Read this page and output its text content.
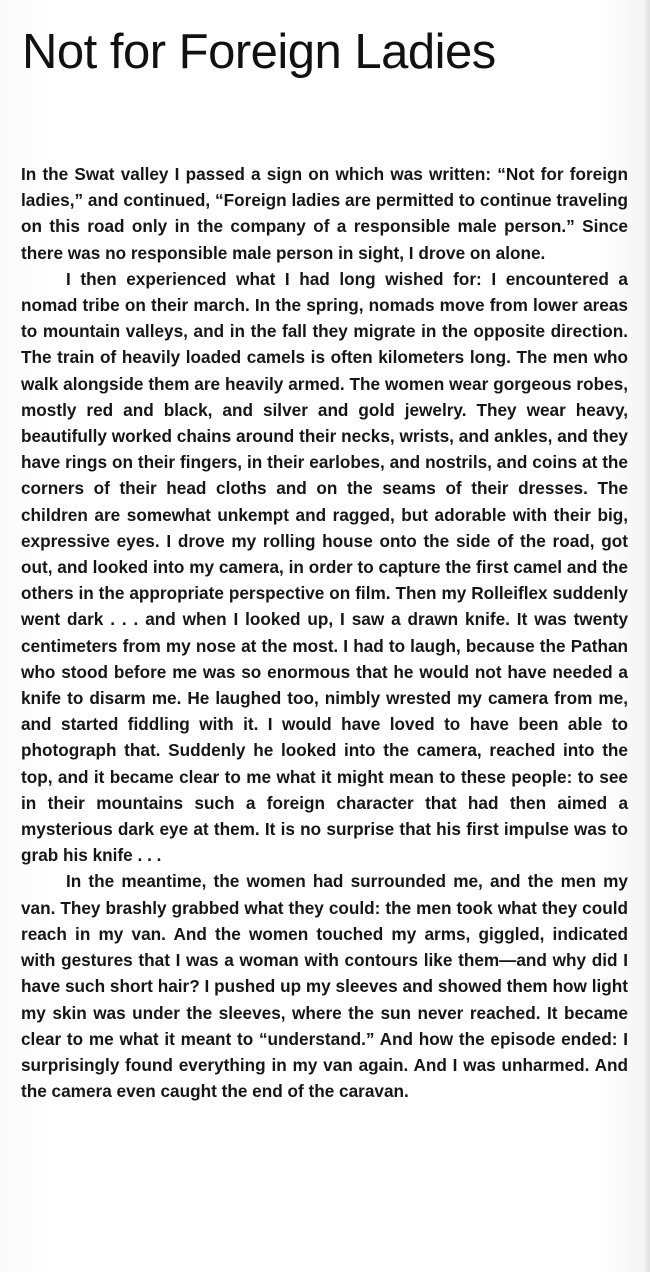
Not for Foreign Ladies

In the Swat valley I passed a sign on which was written: “Not for foreign ladies,” and continued, “Foreign ladies are permitted to continue traveling on this road only in the company of a responsible male person.” Since there was no responsible male person in sight, I drove on alone.

I then experienced what I had long wished for: I encountered a nomad tribe on their march. In the spring, nomads move from lower areas to mountain valleys, and in the fall they migrate in the opposite direction. The train of heavily loaded camels is often kilometers long. The men who walk alongside them are heavily armed. The women wear gorgeous robes, mostly red and black, and silver and gold jewelry. They wear heavy, beautifully worked chains around their necks, wrists, and ankles, and they have rings on their fingers, in their earlobes, and nostrils, and coins at the corners of their head cloths and on the seams of their dresses. The children are somewhat unkempt and ragged, but adorable with their big, expressive eyes. I drove my rolling house onto the side of the road, got out, and looked into my camera, in order to capture the first camel and the others in the appropriate perspective on film. Then my Rolleiflex suddenly went dark . . . and when I looked up, I saw a drawn knife. It was twenty centimeters from my nose at the most. I had to laugh, because the Pathan who stood before me was so enormous that he would not have needed a knife to disarm me. He laughed too, nimbly wrested my camera from me, and started fiddling with it. I would have loved to have been able to photograph that. Suddenly he looked into the camera, reached into the top, and it became clear to me what it might mean to these people: to see in their mountains such a foreign character that had then aimed a mysterious dark eye at them. It is no surprise that his first impulse was to grab his knife . . .

In the meantime, the women had surrounded me, and the men my van. They brashly grabbed what they could: the men took what they could reach in my van. And the women touched my arms, giggled, indicated with gestures that I was a woman with contours like them—and why did I have such short hair? I pushed up my sleeves and showed them how light my skin was under the sleeves, where the sun never reached. It became clear to me what it meant to “understand.” And how the episode ended: I surprisingly found everything in my van again. And I was unharmed. And the camera even caught the end of the caravan.
